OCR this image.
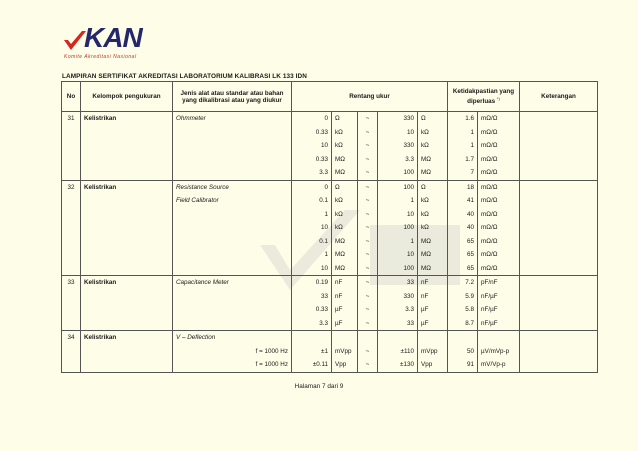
KAN
Komite Akreditasi Nasional
LAMPIRAN SERTIFIKAT AKREDITASI LABORATORIUM KALIBRASI LK 133 IDN
No	Kelompok pengukuran	Jenis alat atau standar atau bahan yang dikalibrasi atau yang diukur	Rentang ukur					Ketidakpastian yang diperluas *)		Keterangan
31	Kelistrikan	Ohmmeter	0	Ω	~	330	Ω	1.6	mΩ/Ω	
			0.33	kΩ	~	10	kΩ	1	mΩ/Ω	
			10	kΩ	~	330	kΩ	1	mΩ/Ω	
			0.33	MΩ	~	3.3	MΩ	1.7	mΩ/Ω	
			3.3	MΩ	~	100	MΩ	7	mΩ/Ω	
32	Kelistrikan	Resistance Source	0	Ω	~	100	Ω	18	mΩ/Ω	
		Field Calibrator	0.1	kΩ	~	1	kΩ	41	mΩ/Ω	
			1	kΩ	~	10	kΩ	40	mΩ/Ω	
			10	kΩ	~	100	kΩ	40	mΩ/Ω	
			0.1	MΩ	~	1	MΩ	65	mΩ/Ω	
			1	MΩ	~	10	MΩ	65	mΩ/Ω	
			10	MΩ	~	100	MΩ	65	mΩ/Ω	
33	Kelistrikan	Capacitance Meter	0.19	nF	~	33	nF	7.2	pF/nF	
			33	nF	~	330	nF	5.9	nF/µF	
			0.33	µF	~	3.3	µF	5.8	nF/µF	
			3.3	µF	~	33	µF	8.7	nF/µF	
34	Kelistrikan	V – Deflection								
		f = 1000 Hz	±1	mVpp	~	±110	mVpp	50	µV/mVp-p	
		f = 1000 Hz	±0.11	Vpp	~	±130	Vpp	91	mV/Vp-p	
Halaman 7 dari 9
